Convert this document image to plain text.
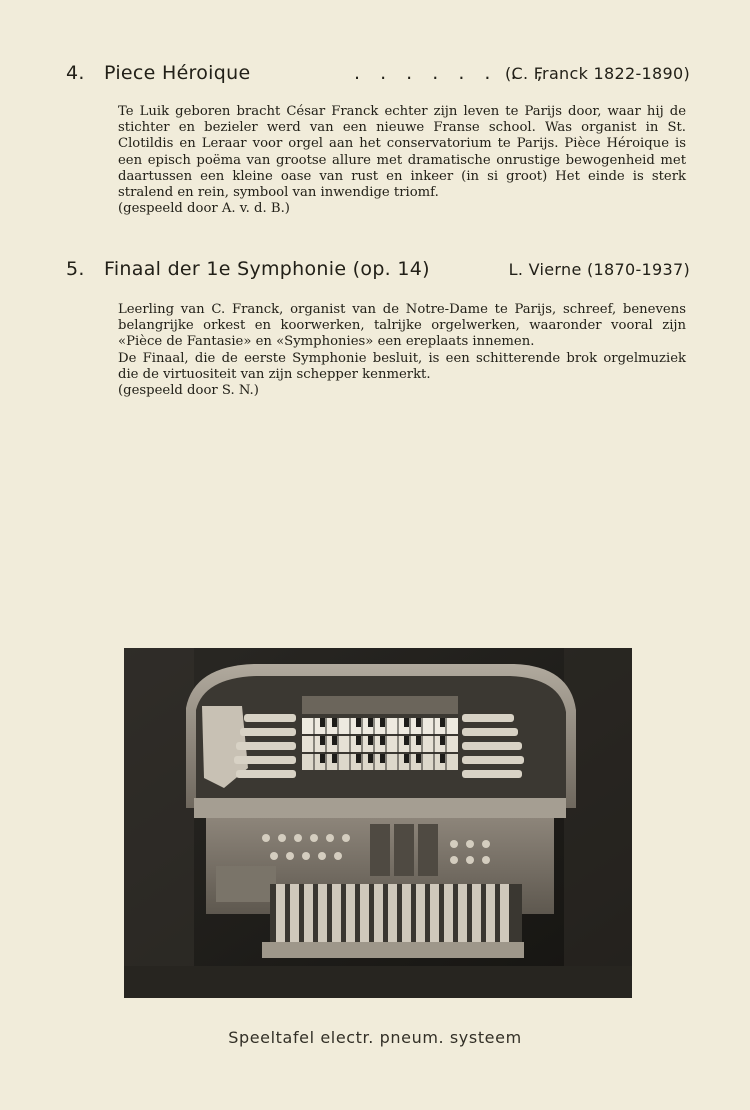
4. Piece Héroique	. . . . . . . ,
(C. Franck 1822-1890)

Te Luik geboren bracht César Franck echter zijn leven te Parijs door, waar hij de stichter en bezieler werd van een nieuwe Franse school. Was organist in St. Clotildis en Leraar voor orgel aan het conservatorium te Parijs. Pièce Héroique is een episch poëma van grootse allure met dramatische onrustige bewogenheid met daartussen een kleine oase van rust en inkeer (in si groot) Het einde is sterk stralend en rein, symbool van inwendige triomf.

(gespeeld door A. v. d. B.)

5. Finaal der 1e Symphonie (op. 14)	L. Vierne (1870-1937)

Leerling van C. Franck, organist van de Notre-Dame te Parijs, schreef, benevens belangrijke orkest en koorwerken, talrijke orgelwerken, waaronder vooral zijn «Pièce de Fantasie» en «Symphonies» een ereplaats innemen.

De Finaal, die de eerste Symphonie besluit, is een schitterende brok orgelmuziek die de virtuositeit van zijn schepper kenmerkt.

(gespeeld door S. N.)

Speeltafel electr. pneum. systeem
